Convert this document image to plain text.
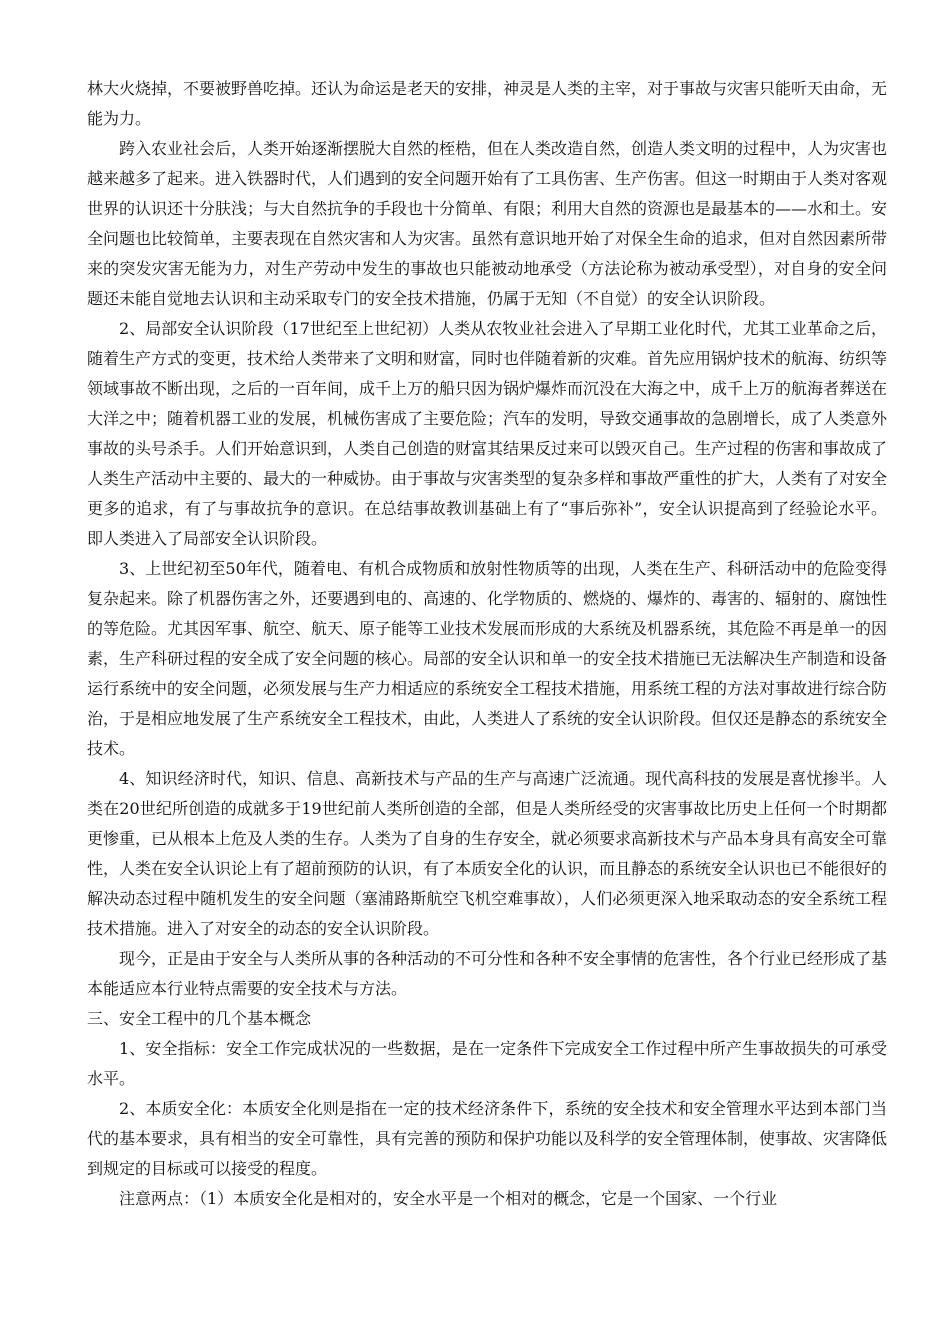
林大火烧掉，不要被野兽吃掉。还认为命运是老天的安排，神灵是人类的主宰，对于事故与灾害只能听天由命，无能为力。

跨入农业社会后，人类开始逐渐摆脱大自然的桎梏，但在人类改造自然，创造人类文明的过程中，人为灾害也越来越多了起来。进入铁器时代，人们遇到的安全问题开始有了工具伤害、生产伤害。但这一时期由于人类对客观世界的认识还十分肤浅；与大自然抗争的手段也十分简单、有限；利用大自然的资源也是最基本的——水和土。安全问题也比较简单，主要表现在自然灾害和人为灾害。虽然有意识地开始了对保全生命的追求，但对自然因素所带来的突发灾害无能为力，对生产劳动中发生的事故也只能被动地承受（方法论称为被动承受型），对自身的安全问题还未能自觉地去认识和主动采取专门的安全技术措施，仍属于无知（不自觉）的安全认识阶段。

2、局部安全认识阶段（17世纪至上世纪初）人类从农牧业社会进入了早期工业化时代，尤其工业革命之后，随着生产方式的变更，技术给人类带来了文明和财富，同时也伴随着新的灾难。首先应用锅炉技术的航海、纺织等领域事故不断出现，之后的一百年间，成千上万的船只因为锅炉爆炸而沉没在大海之中，成千上万的航海者葬送在大洋之中；随着机器工业的发展，机械伤害成了主要危险；汽车的发明，导致交通事故的急剧增长，成了人类意外事故的头号杀手。人们开始意识到，人类自己创造的财富其结果反过来可以毁灭自己。生产过程的伤害和事故成了人类生产活动中主要的、最大的一种威协。由于事故与灾害类型的复杂多样和事故严重性的扩大，人类有了对安全更多的追求，有了与事故抗争的意识。在总结事故教训基础上有了“事后弥补”，安全认识提高到了经验论水平。即人类进入了局部安全认识阶段。

3、上世纪初至50年代，随着电、有机合成物质和放射性物质等的出现，人类在生产、科研活动中的危险变得复杂起来。除了机器伤害之外，还要遇到电的、高速的、化学物质的、燃烧的、爆炸的、毒害的、辐射的、腐蚀性的等危险。尤其因军事、航空、航天、原子能等工业技术发展而形成的大系统及机器系统，其危险不再是单一的因素，生产科研过程的安全成了安全问题的核心。局部的安全认识和单一的安全技术措施已无法解决生产制造和设备运行系统中的安全问题，必须发展与生产力相适应的系统安全工程技术措施，用系统工程的方法对事故进行综合防治，于是相应地发展了生产系统安全工程技术，由此，人类进人了系统的安全认识阶段。但仅还是静态的系统安全技术。

4、知识经济时代，知识、信息、高新技术与产品的生产与高速广泛流通。现代高科技的发展是喜忧掺半。人类在20世纪所创造的成就多于19世纪前人类所创造的全部，但是人类所经受的灾害事故比历史上任何一个时期都更惨重，已从根本上危及人类的生存。人类为了自身的生存安全，就必须要求高新技术与产品本身具有高安全可靠性，人类在安全认识论上有了超前预防的认识，有了本质安全化的认识，而且静态的系统安全认识也已不能很好的解决动态过程中随机发生的安全问题（塞浦路斯航空飞机空难事故），人们必须更深入地采取动态的安全系统工程技术措施。进入了对安全的动态的安全认识阶段。

现今，正是由于安全与人类所从事的各种活动的不可分性和各种不安全事情的危害性，各个行业已经形成了基本能适应本行业特点需要的安全技术与方法。

三、安全工程中的几个基本概念

1、安全指标：安全工作完成状况的一些数据，是在一定条件下完成安全工作过程中所产生事故损失的可承受水平。

2、本质安全化：本质安全化则是指在一定的技术经济条件下，系统的安全技术和安全管理水平达到本部门当代的基本要求，具有相当的安全可靠性，具有完善的预防和保护功能以及科学的安全管理体制，使事故、灾害降低到规定的目标或可以接受的程度。

注意两点：（1）本质安全化是相对的，安全水平是一个相对的概念，它是一个国家、一个行业
